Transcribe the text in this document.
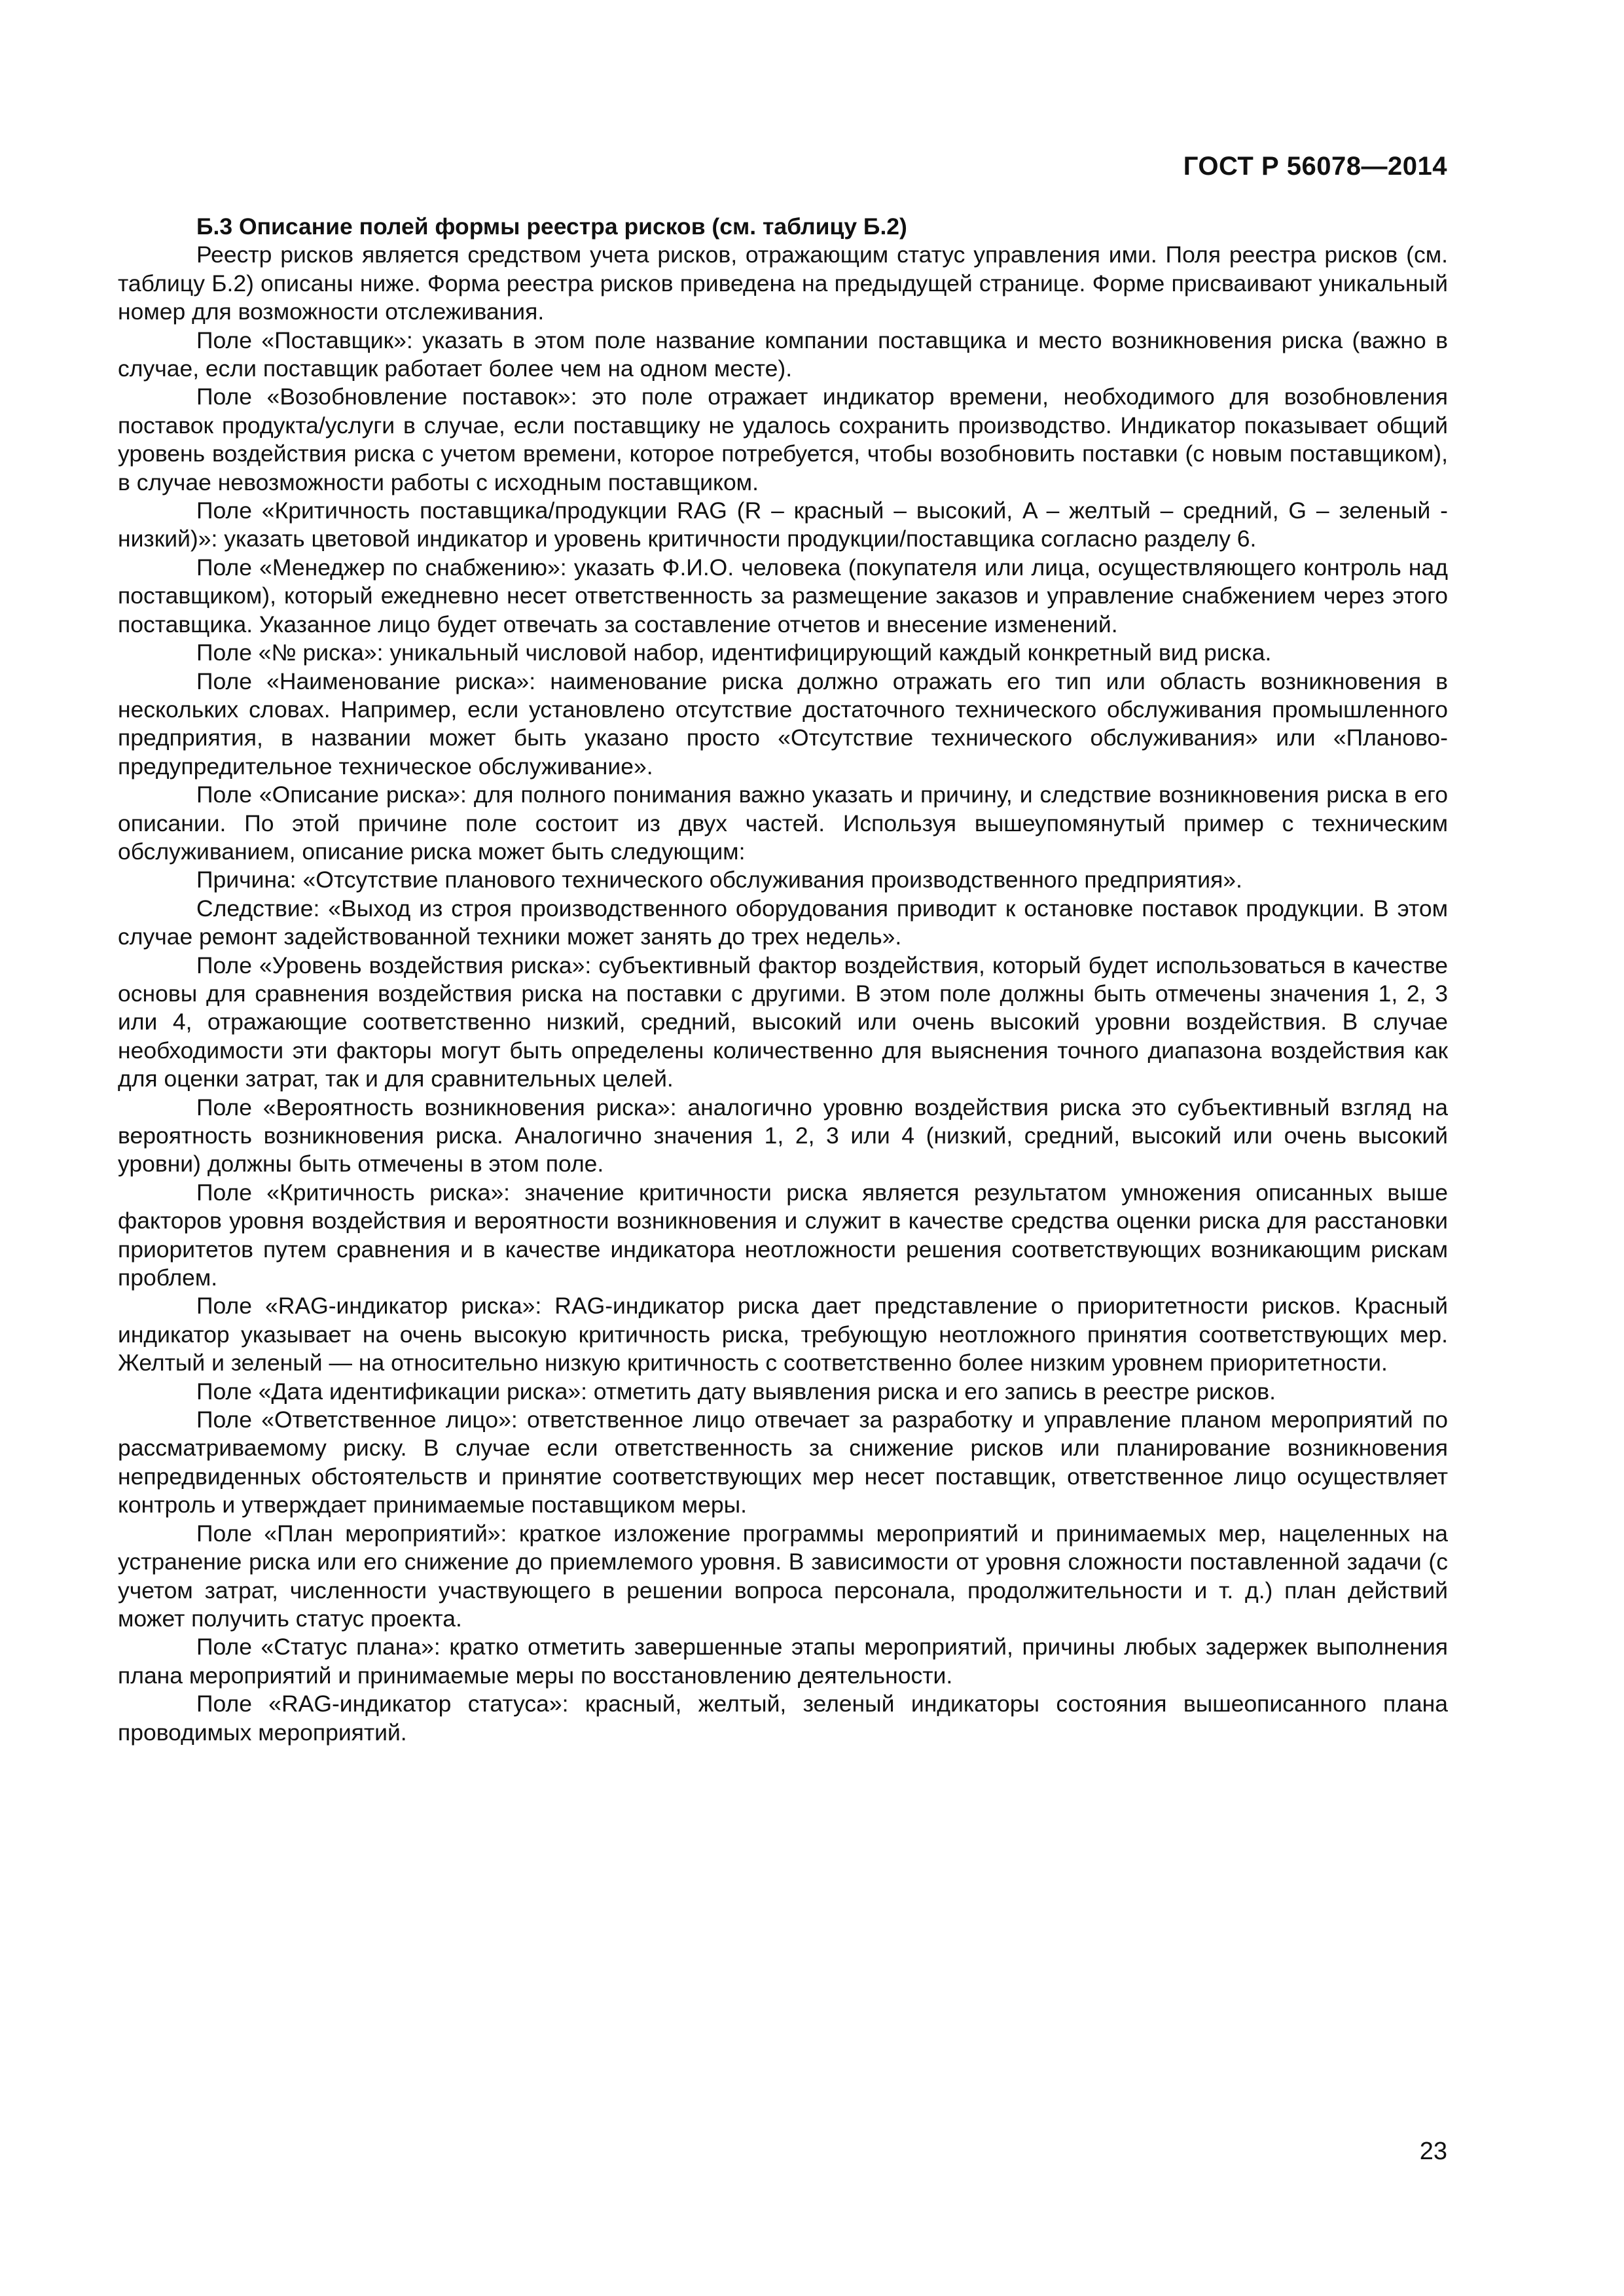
ГОСТ Р 56078—2014

Б.3 Описание полей формы реестра рисков (см. таблицу Б.2)

Реестр рисков является средством учета рисков, отражающим статус управления ими. Поля реестра рисков (см. таблицу Б.2) описаны ниже. Форма реестра рисков приведена на предыдущей странице. Форме присваивают уникальный номер для возможности отслеживания.

Поле «Поставщик»: указать в этом поле название компании поставщика и место возникновения риска (важно в случае, если поставщик работает более чем на одном месте).

Поле «Возобновление поставок»: это поле отражает индикатор времени, необходимого для возобновления поставок продукта/услуги в случае, если поставщику не удалось сохранить производство. Индикатор показывает общий уровень воздействия риска с учетом времени, которое потребуется, чтобы возобновить поставки (с новым поставщиком), в случае невозможности работы с исходным поставщиком.

Поле «Критичность поставщика/продукции RAG (R – красный – высокий, A – желтый – средний, G – зеленый - низкий)»: указать цветовой индикатор и уровень критичности продукции/поставщика согласно разделу 6.

Поле «Менеджер по снабжению»: указать Ф.И.О. человека (покупателя или лица, осуществляющего контроль над поставщиком), который ежедневно несет ответственность за размещение заказов и управление снабжением через этого поставщика. Указанное лицо будет отвечать за составление отчетов и внесение изменений.

Поле «№ риска»: уникальный числовой набор, идентифицирующий каждый конкретный вид риска.

Поле «Наименование риска»: наименование риска должно отражать его тип или область возникновения в нескольких словах. Например, если установлено отсутствие достаточного технического обслуживания промышленного предприятия, в названии может быть указано просто «Отсутствие технического обслуживания» или «Планово-предупредительное техническое обслуживание».

Поле «Описание риска»: для полного понимания важно указать и причину, и следствие возникновения риска в его описании. По этой причине поле состоит из двух частей. Используя вышеупомянутый пример с техническим обслуживанием, описание риска может быть следующим:

Причина: «Отсутствие планового технического обслуживания производственного предприятия».

Следствие: «Выход из строя производственного оборудования приводит к остановке поставок продукции. В этом случае ремонт задействованной техники может занять до трех недель».

Поле «Уровень воздействия риска»: субъективный фактор воздействия, который будет использоваться в качестве основы для сравнения воздействия риска на поставки с другими. В этом поле должны быть отмечены значения 1, 2, 3 или 4, отражающие соответственно низкий, средний, высокий или очень высокий уровни воздействия. В случае необходимости эти факторы могут быть определены количественно для выяснения точного диапазона воздействия как для оценки затрат, так и для сравнительных целей.

Поле «Вероятность возникновения риска»: аналогично уровню воздействия риска это субъективный взгляд на вероятность возникновения риска. Аналогично значения 1, 2, 3 или 4 (низкий, средний, высокий или очень высокий уровни) должны быть отмечены в этом поле.

Поле «Критичность риска»: значение критичности риска является результатом умножения описанных выше факторов уровня воздействия и вероятности возникновения и служит в качестве средства оценки риска для расстановки приоритетов путем сравнения и в качестве индикатора неотложности решения соответствующих возникающим рискам проблем.

Поле «RAG-индикатор риска»: RAG-индикатор риска дает представление о приоритетности рисков. Красный индикатор указывает на очень высокую критичность риска, требующую неотложного принятия соответствующих мер. Желтый и зеленый — на относительно низкую критичность с соответственно более низким уровнем приоритетности.

Поле «Дата идентификации риска»: отметить дату выявления риска и его запись в реестре рисков.

Поле «Ответственное лицо»: ответственное лицо отвечает за разработку и управление планом мероприятий по рассматриваемому риску. В случае если ответственность за снижение рисков или планирование возникновения непредвиденных обстоятельств и принятие соответствующих мер несет поставщик, ответственное лицо осуществляет контроль и утверждает принимаемые поставщиком меры.

Поле «План мероприятий»: краткое изложение программы мероприятий и принимаемых мер, нацеленных на устранение риска или его снижение до приемлемого уровня. В зависимости от уровня сложности поставленной задачи (с учетом затрат, численности участвующего в решении вопроса персонала, продолжительности и т. д.) план действий может получить статус проекта.

Поле «Статус плана»: кратко отметить завершенные этапы мероприятий, причины любых задержек выполнения плана мероприятий и принимаемые меры по восстановлению деятельности.

Поле «RAG-индикатор статуса»: красный, желтый, зеленый индикаторы состояния вышеописанного плана проводимых мероприятий.

23
